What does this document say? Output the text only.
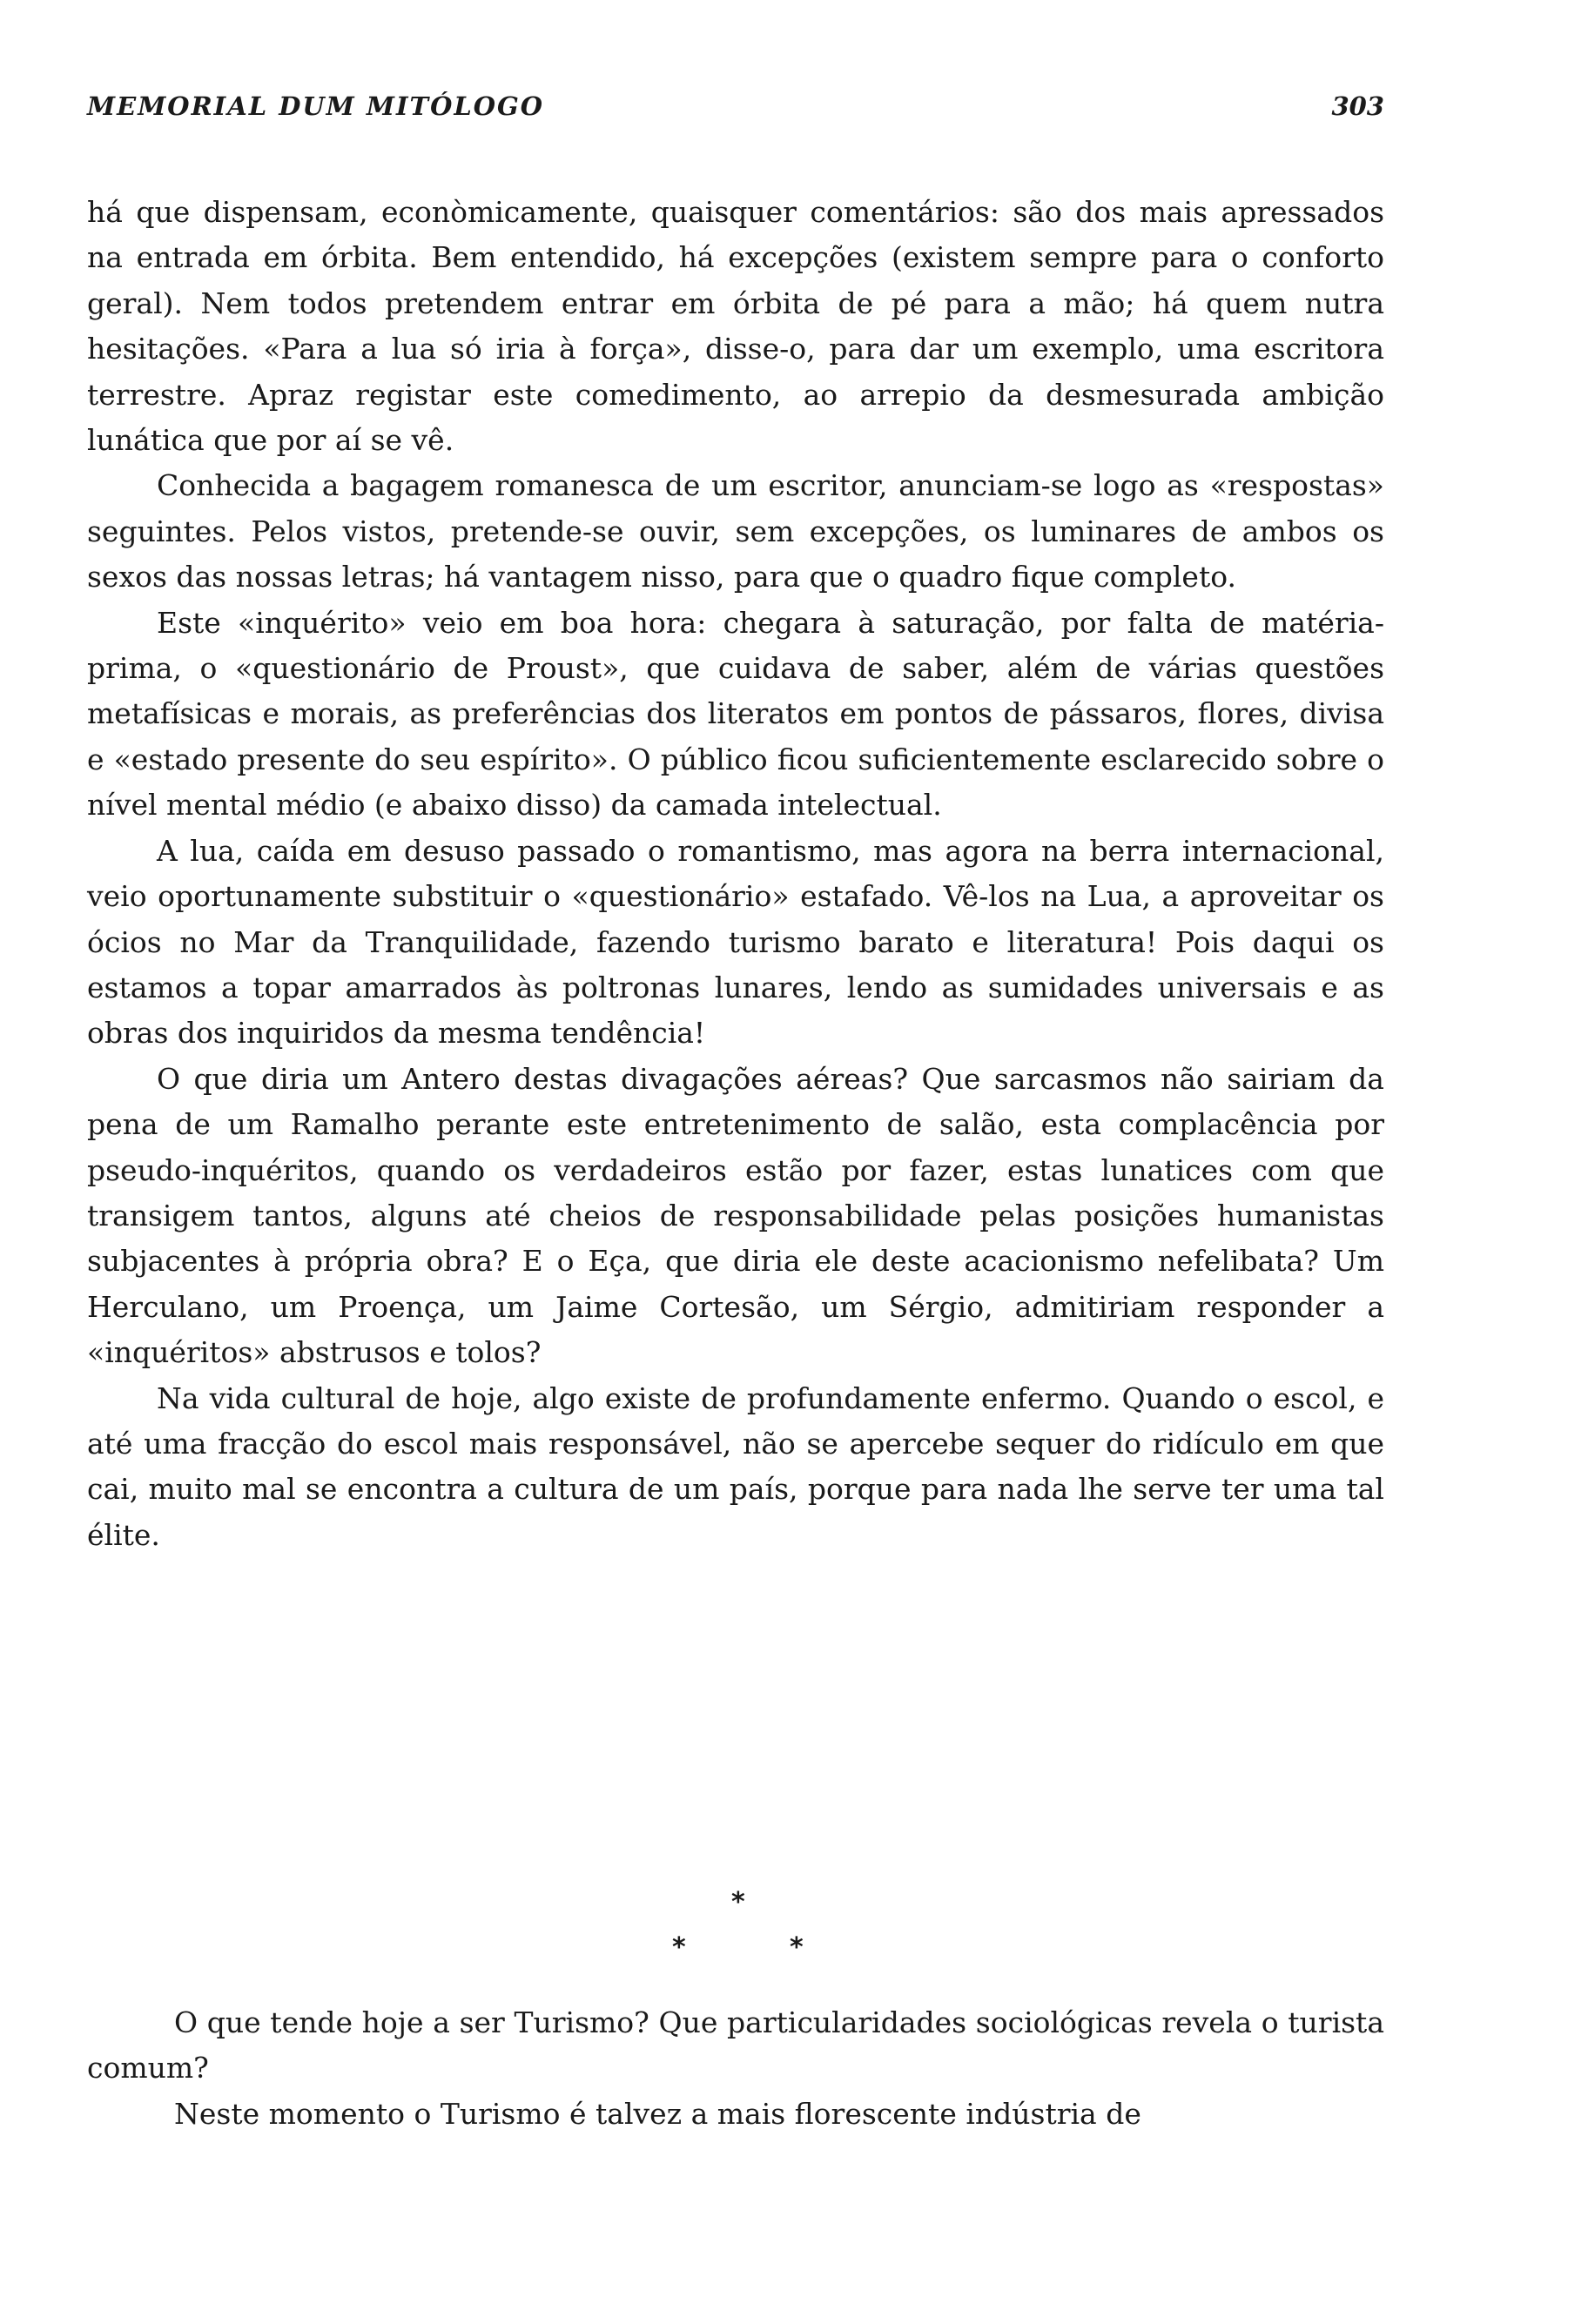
MEMORIAL DUM MITÓLOGO	303

há que dispensam, econòmicamente, quaisquer comentários: são dos mais apressados na entrada em órbita. Bem entendido, há excepções (existem sempre para o conforto geral). Nem todos pretendem entrar em órbita de pé para a mão; há quem nutra hesitações. «Para a lua só iria à força», disse-o, para dar um exemplo, uma escritora terrestre. Apraz registar este comedimento, ao arrepio da desmesurada ambição lunática que por aí se vê.

Conhecida a bagagem romanesca de um escritor, anunciam-se logo as «respostas» seguintes. Pelos vistos, pretende-se ouvir, sem excepções, os luminares de ambos os sexos das nossas letras; há vantagem nisso, para que o quadro fique completo.

Este «inquérito» veio em boa hora: chegara à saturação, por falta de matéria-prima, o «questionário de Proust», que cuidava de saber, além de várias questões metafísicas e morais, as preferências dos literatos em pontos de pássaros, flores, divisa e «estado presente do seu espírito». O público ficou suficientemente esclarecido sobre o nível mental médio (e abaixo disso) da camada intelectual.

A lua, caída em desuso passado o romantismo, mas agora na berra internacional, veio oportunamente substituir o «questionário» estafado. Vê-los na Lua, a aproveitar os ócios no Mar da Tranquilidade, fazendo turismo barato e literatura! Pois daqui os estamos a topar amarrados às poltronas lunares, lendo as sumidades universais e as obras dos inquiridos da mesma tendência!

O que diria um Antero destas divagações aéreas? Que sarcasmos não sairiam da pena de um Ramalho perante este entretenimento de salão, esta complacência por pseudo-inquéritos, quando os verdadeiros estão por fazer, estas lunatices com que transigem tantos, alguns até cheios de responsabilidade pelas posições humanistas subjacentes à própria obra? E o Eça, que diria ele deste acacionismo nefelibata? Um Herculano, um Proença, um Jaime Cortesão, um Sérgio, admitiriam responder a «inquéritos» abstrusos e tolos?

Na vida cultural de hoje, algo existe de profundamente enfermo. Quando o escol, e até uma fracção do escol mais responsável, não se apercebe sequer do ridículo em que cai, muito mal se encontra a cultura de um país, porque para nada lhe serve ter uma tal élite.

*
*	*

O que tende hoje a ser Turismo? Que particularidades sociológicas revela o turista comum?

Neste momento o Turismo é talvez a mais florescente indústria de
